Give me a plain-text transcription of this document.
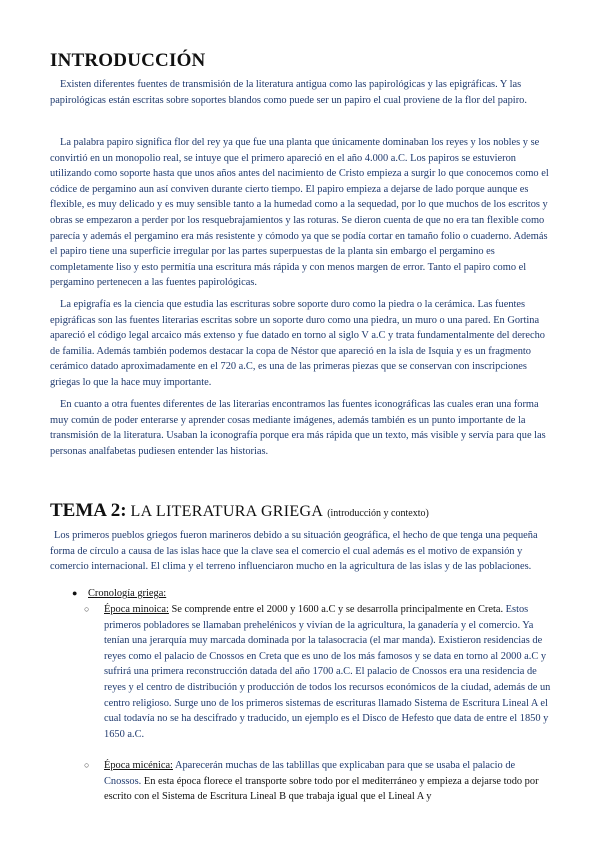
INTRODUCCIÓN

Existen diferentes fuentes de transmisión de la literatura antigua como las papirológicas y las epigráficas. Y las papirológicas están escritas sobre soportes blandos como puede ser un papiro el cual proviene de la flor del papiro.

La palabra papiro significa flor del rey ya que fue una planta que únicamente dominaban los reyes y los nobles y se convirtió en un monopolio real, se intuye que el primero apareció en el año 4.000 a.C. Los papiros se estuvieron utilizando como soporte hasta que unos años antes del nacimiento de Cristo empieza a surgir lo que conocemos como el códice de pergamino aun así conviven durante cierto tiempo. El papiro empieza a dejarse de lado porque aunque es flexible, es muy delicado y es muy sensible tanto a la humedad como a la sequedad, por lo que muchos de los escritos y obras se empezaron a perder por los resquebrajamientos y las roturas. Se dieron cuenta de que no era tan flexible como parecía y además el pergamino era más resistente y cómodo ya que se podía cortar en tamaño folio o cuaderno. Además el papiro tiene una superficie irregular por las partes superpuestas de la planta sin embargo el pergamino es completamente liso y esto permitía una escritura más rápida y con menos margen de error. Tanto el papiro como el pergamino pertenecen a las fuentes papirológicas.

La epigrafía es la ciencia que estudia las escrituras sobre soporte duro como la piedra o la cerámica. Las fuentes epigráficas son las fuentes literarias escritas sobre un soporte duro como una piedra, un muro o una pared. En Gortina apareció el código legal arcaico más extenso y fue datado en torno al siglo V a.C y trata fundamentalmente del derecho de familia. Además también podemos destacar la copa de Néstor que apareció en la isla de Isquia y es un fragmento cerámico datado aproximadamente en el 720 a.C, es una de las primeras piezas que se conservan con inscripciones griegas lo que la hace muy importante.

En cuanto a otra fuentes diferentes de las literarias encontramos las fuentes iconográficas las cuales eran una forma muy común de poder enterarse y aprender cosas mediante imágenes, además también es un punto importante de la transmisión de la literatura. Usaban la iconografía porque era más rápida que un texto, más visible y servía para que las personas analfabetas pudiesen entender las historias.

TEMA 2: LA LITERATURA GRIEGA (introducción y contexto)

Los primeros pueblos griegos fueron marineros debido a su situación geográfica, el hecho de que tenga una pequeña forma de círculo a causa de las islas hace que la clave sea el comercio el cual además es el motivo de expansión y comercio internacional. El clima y el terreno influenciaron mucho en la agricultura de las islas y de las poblaciones.

● Cronología griega:
○ Época minoica: Se comprende entre el 2000 y 1600 a.C y se desarrolla principalmente en Creta. Estos primeros pobladores se llamaban prehelénicos y vivían de la agricultura, la ganadería y el comercio. Ya tenían una jerarquía muy marcada dominada por la talasocracia (el mar manda). Existieron residencias de reyes como el palacio de Cnossos en Creta que es uno de los más famosos y se data en torno al 2000 a.C y sufrirá una primera reconstrucción datada del año 1700 a.C. El palacio de Cnossos era una residencia de reyes y el centro de distribución y producción de todos los recursos económicos de la ciudad, además de un centro religioso. Surge uno de los primeros sistemas de escrituras llamado Sistema de Escritura Lineal A el cual todavía no se ha descifrado y traducido, un ejemplo es el Disco de Hefesto que data de entre el 1850 y 1650 a.C.

○ Época micénica: Aparecerán muchas de las tablillas que explicaban para que se usaba el palacio de Cnossos. En esta época florece el transporte sobre todo por el mediterráneo y empieza a dejarse todo por escrito con el Sistema de Escritura Lineal B que trabaja igual que el Lineal A y
